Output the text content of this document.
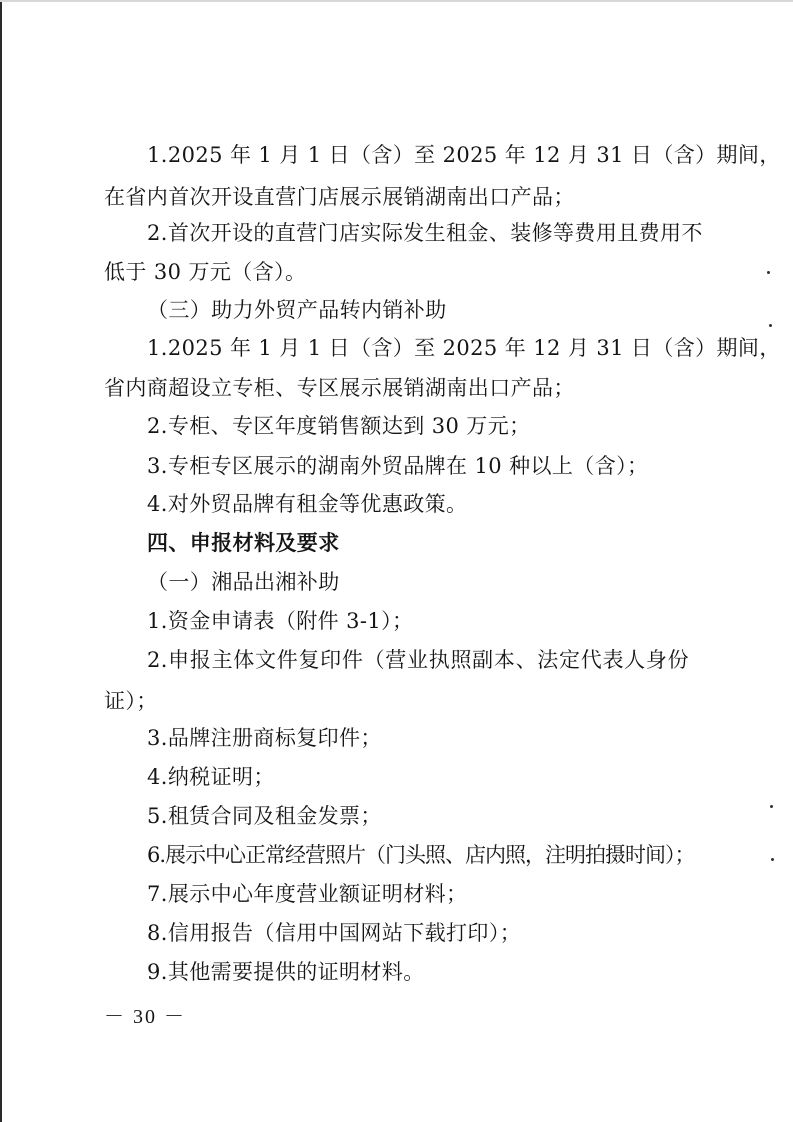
1.2025 年 1 月 1 日（含）至 2025 年 12 月 31 日（含）期间，
在省内首次开设直营门店展示展销湖南出口产品；
2.首次开设的直营门店实际发生租金、装修等费用且费用不
低于 30 万元（含）。
（三）助力外贸产品转内销补助
1.2025 年 1 月 1 日（含）至 2025 年 12 月 31 日（含）期间，
省内商超设立专柜、专区展示展销湖南出口产品；
2.专柜、专区年度销售额达到 30 万元；
3.专柜专区展示的湖南外贸品牌在 10 种以上（含）；
4.对外贸品牌有租金等优惠政策。
四、申报材料及要求
（一）湘品出湘补助
1.资金申请表（附件 3-1）；
2.申报主体文件复印件（营业执照副本、法定代表人身份
证）；
3.品牌注册商标复印件；
4.纳税证明；
5.租赁合同及租金发票；
6.展示中心正常经营照片（门头照、店内照，注明拍摄时间）；
7.展示中心年度营业额证明材料；
8.信用报告（信用中国网站下载打印）；
9.其他需要提供的证明材料。
－ 30 －
